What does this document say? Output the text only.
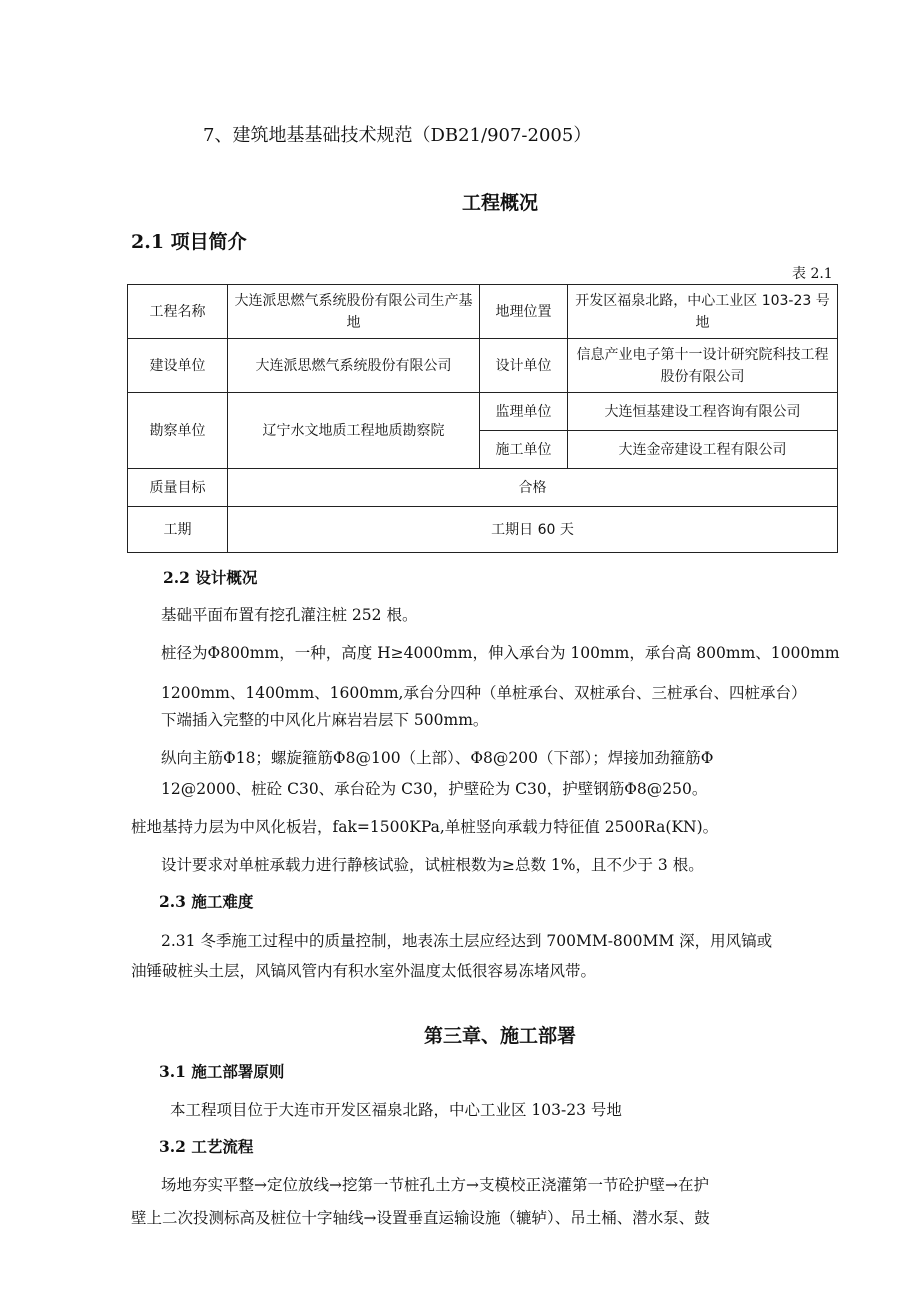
7、建筑地基基础技术规范（DB21/907-2005）
工程概况
2.1 项目简介
表 2.1
工程名称	大连派思燃气系统股份有限公司生产基地	地理位置	开发区福泉北路，中心工业区 103-23 号地
建设单位	大连派思燃气系统股份有限公司	设计单位	信息产业电子第十一设计研究院科技工程股份有限公司
勘察单位	辽宁水文地质工程地质勘察院	监理单位	大连恒基建设工程咨询有限公司
		施工单位	大连金帝建设工程有限公司
质量目标	合格		
工期	工期日 60 天		
2.2 设计概况
基础平面布置有挖孔灌注桩 252 根。
桩径为Φ800mm，一种，高度 H≥4000mm，伸入承台为 100mm，承台高 800mm、1000mm
1200mm、1400mm、1600mm,承台分四种（单桩承台、双桩承台、三桩承台、四桩承台）
下端插入完整的中风化片麻岩岩层下 500mm。
纵向主筋Φ18；螺旋箍筋Φ8@100（上部）、Φ8@200（下部）；焊接加劲箍筋Φ
12@2000、桩砼 C30、承台砼为 C30，护壁砼为 C30，护壁钢筋Φ8@250。
桩地基持力层为中风化板岩，fak=1500KPa,单桩竖向承载力特征值 2500Ra(KN)。
设计要求对单桩承载力进行静核试验，试桩根数为≥总数 1%，且不少于 3 根。
2.3 施工难度
2.31 冬季施工过程中的质量控制，地表冻土层应经达到 700MM-800MM 深，用风镐或
油锤破桩头土层，风镐风管内有积水室外温度太低很容易冻堵风带。
第三章、施工部署
3.1 施工部署原则
本工程项目位于大连市开发区福泉北路，中心工业区 103-23 号地
3.2 工艺流程
场地夯实平整→定位放线→挖第一节桩孔土方→支模校正浇灌第一节砼护壁→在护
壁上二次投测标高及桩位十字轴线→设置垂直运输设施（辘轳）、吊土桶、潜水泵、鼓
